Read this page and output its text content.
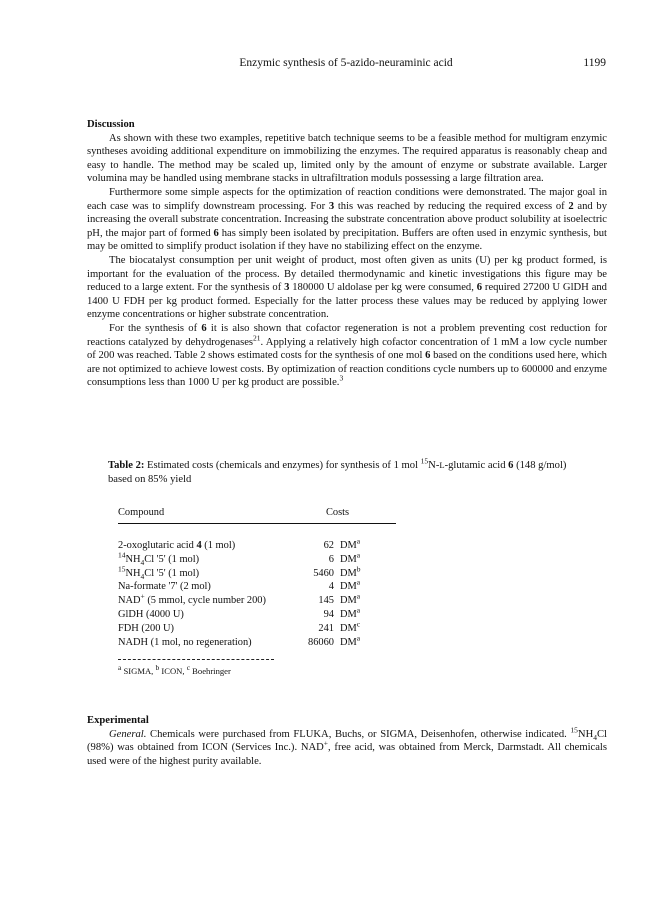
Enzymic synthesis of 5-azido-neuraminic acid	1199
Discussion

As shown with these two examples, repetitive batch technique seems to be a feasible method for multigram enzymic syntheses avoiding additional expenditure on immobilizing the enzymes. The required apparatus is reasonably cheap and easy to handle. The method may be scaled up, limited only by the amount of enzyme or substrate available. Larger volumina may be handled using membrane stacks in ultrafiltration moduls possessing a large filtration area.

Furthermore some simple aspects for the optimization of reaction conditions were demonstrated. The major goal in each case was to simplify downstream processing. For 3 this was reached by reducing the required excess of 2 and by increasing the overall substrate concentration. Increasing the substrate concentration above product solubility at isoelectric pH, the major part of formed 6 has simply been isolated by precipitation. Buffers are often used in enzymic synthesis, but may be omitted to simplify product isolation if they have no stabilizing effect on the enzyme.

The biocatalyst consumption per unit weight of product, most often given as units (U) per kg product formed, is important for the evaluation of the process. By detailed thermodynamic and kinetic investigations this figure may be reduced to a large extent. For the synthesis of 3 180000 U aldolase per kg were consumed, 6 required 27200 U GlDH and 1400 U FDH per kg product formed. Especially for the latter process these values may be reduced by applying lower enzyme concentrations or higher substrate concentration.

For the synthesis of 6 it is also shown that cofactor regeneration is not a problem preventing cost reduction for reactions catalyzed by dehydrogenases$^{21}$. Applying a relatively high cofactor concentration of 1 mM a low cycle number of 200 was reached. Table 2 shows estimated costs for the synthesis of one mol 6 based on the conditions used here, which are not optimized to achieve lowest costs. By optimization of reaction conditions cycle numbers up to 600000 and enzyme consumptions less than 1000 U per kg product are possible.$^3$

Table 2: Estimated costs (chemicals and enzymes) for synthesis of 1 mol $^{15}$N-L-glutamic acid 6 (148 g/mol) based on 85% yield
Compound	Costs
2-oxoglutaric acid 4 (1 mol)	62 $DM^a$
$^{14}NH_4Cl$ '5' (1 mol)	6 $DM^a$
$^{15}NH_4Cl$ '5' (1 mol)	5460 $DM^b$
Na-formate '7' (2 mol)	4 $DM^a$
NAD+ (5 mmol, cycle number 200)	145 $DM^a$
GlDH (4000 U)	94 $DM^a$
FDH (200 U)	241 $DM^c$
NADH (1 mol, no regeneration)	86060 $DM^a$
$^a$ SIGMA, $^b$ ICON, $^c$ Boehringer
Experimental

General. Chemicals were purchased from FLUKA, Buchs, or SIGMA, Deisenhofen, otherwise indicated. $^{15}NH_4Cl$ (98%) was obtained from ICON (Services Inc.). NAD+, free acid, was obtained from Merck, Darmstadt. All chemicals used were of the highest purity available.
